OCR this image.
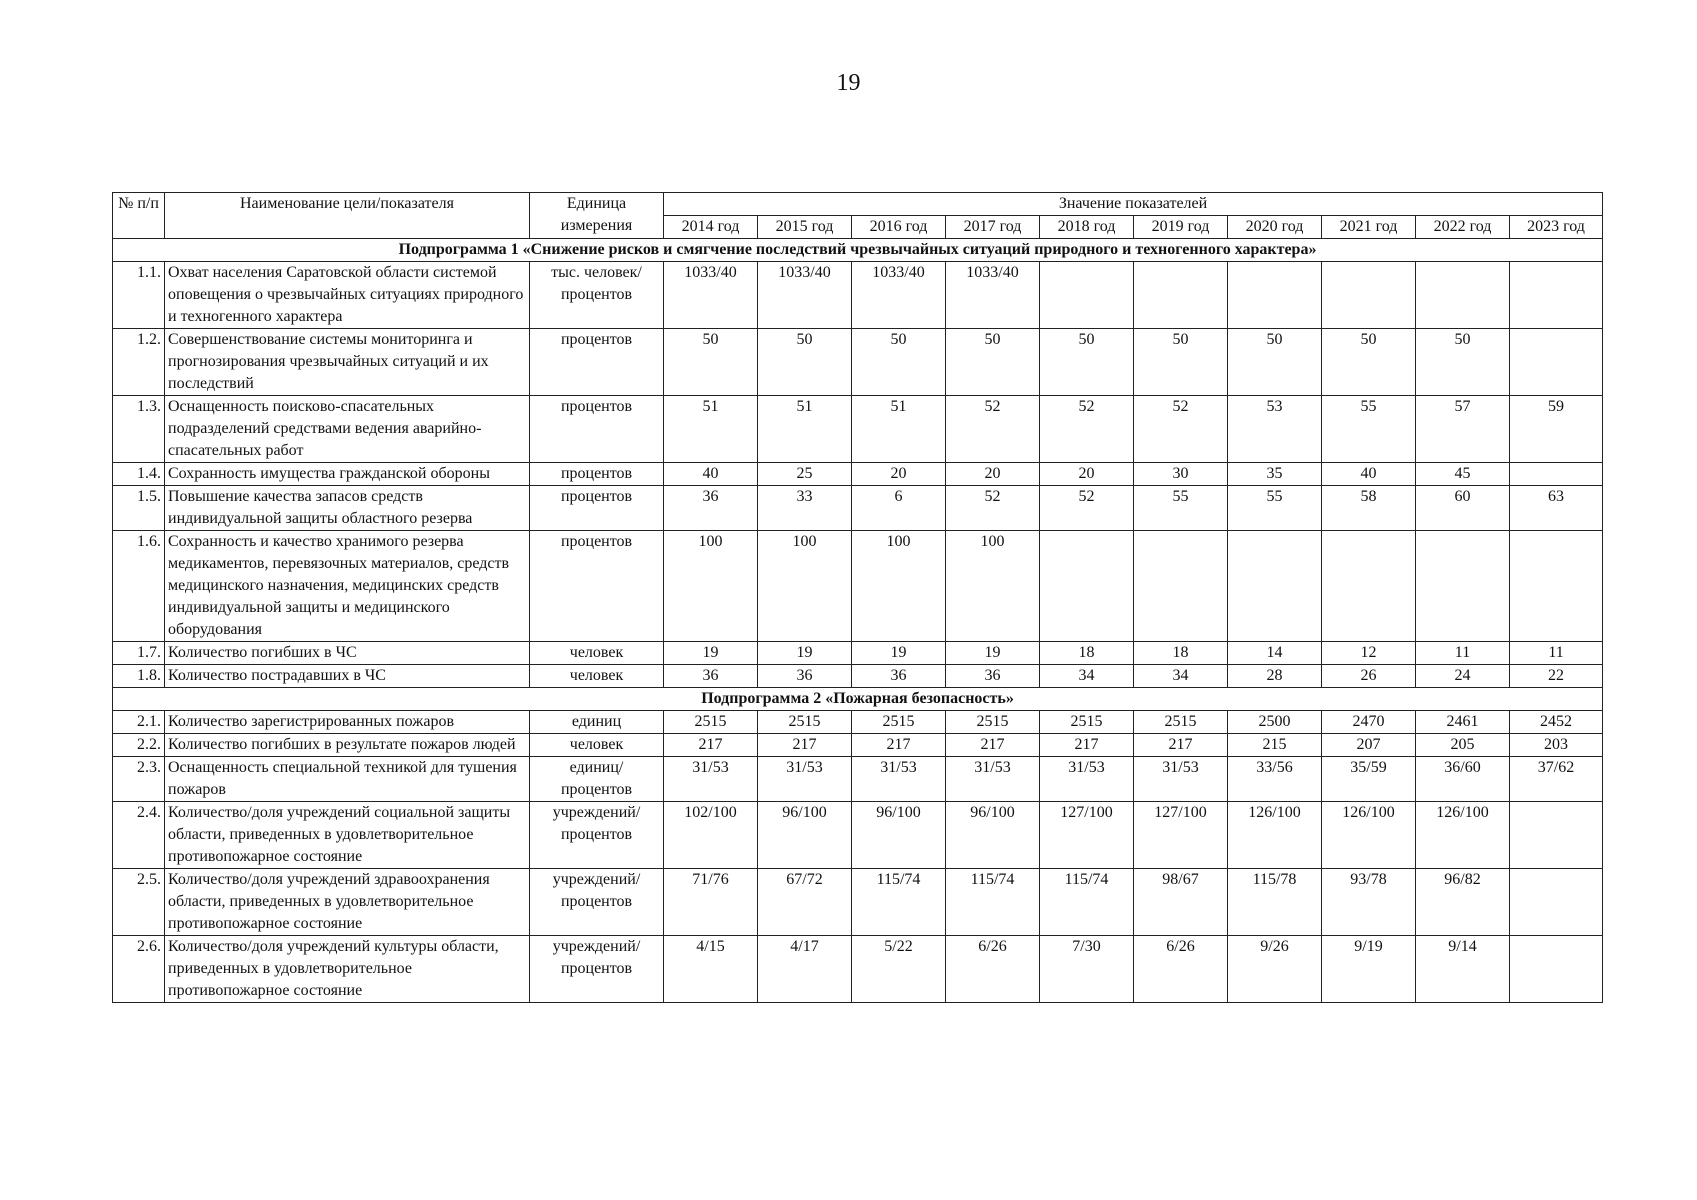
19
№ п/п	Наименование цели/показателя	Единица измерения	Значение показателей									
			2014 год	2015 год	2016 год	2017 год	2018 год	2019 год	2020 год	2021 год	2022 год	2023 год
Подпрограмма 1 «Снижение рисков и смягчение последствий чрезвычайных ситуаций природного и техногенного характера»												
1.1.	Охват населения Саратовской области системой оповещения о чрезвычайных ситуациях природного и техногенного характера	тыс. человек/ процентов	1033/40	1033/40	1033/40	1033/40						
1.2.	Совершенствование системы мониторинга и прогнозирования чрезвычайных ситуаций и их последствий	процентов	50	50	50	50	50	50	50	50	50	
1.3.	Оснащенность поисково-спасательных подразделений средствами ведения аварийно-спасательных работ	процентов	51	51	51	52	52	52	53	55	57	59
1.4.	Сохранность имущества гражданской обороны	процентов	40	25	20	20	20	30	35	40	45	
1.5.	Повышение качества запасов средств индивидуальной защиты областного резерва	процентов	36	33	6	52	52	55	55	58	60	63
1.6.	Сохранность и качество хранимого резерва медикаментов, перевязочных материалов, средств медицинского назначения, медицинских средств индивидуальной защиты и медицинского оборудования	процентов	100	100	100	100						
1.7.	Количество погибших в ЧС	человек	19	19	19	19	18	18	14	12	11	11
1.8.	Количество пострадавших в ЧС	человек	36	36	36	36	34	34	28	26	24	22
Подпрограмма 2 «Пожарная безопасность»												
2.1.	Количество зарегистрированных пожаров	единиц	2515	2515	2515	2515	2515	2515	2500	2470	2461	2452
2.2.	Количество погибших в результате пожаров людей	человек	217	217	217	217	217	217	215	207	205	203
2.3.	Оснащенность специальной техникой для тушения пожаров	единиц/ процентов	31/53	31/53	31/53	31/53	31/53	31/53	33/56	35/59	36/60	37/62
2.4.	Количество/доля учреждений социальной защиты области, приведенных в удовлетворительное противопожарное состояние	учреждений/ процентов	102/100	96/100	96/100	96/100	127/100	127/100	126/100	126/100	126/100	
2.5.	Количество/доля учреждений здравоохранения области, приведенных в удовлетворительное противопожарное состояние	учреждений/ процентов	71/76	67/72	115/74	115/74	115/74	98/67	115/78	93/78	96/82	
2.6.	Количество/доля учреждений культуры области, приведенных в удовлетворительное противопожарное состояние	учреждений/ процентов	4/15	4/17	5/22	6/26	7/30	6/26	9/26	9/19	9/14	
